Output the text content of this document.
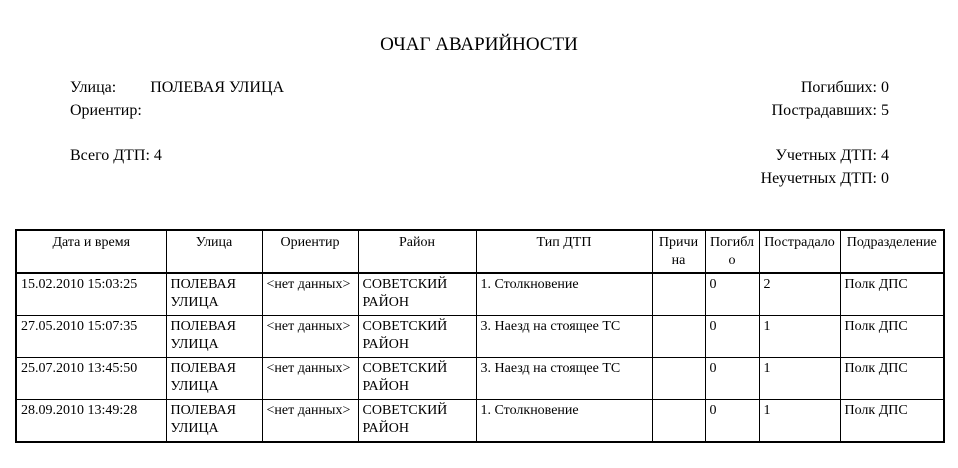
ОЧАГ АВАРИЙНОСТИ
Улица: ПОЛЕВАЯ УЛИЦА
Ориентир:
Всего ДТП: 4
Погибших: 0
Пострадавших: 5
Учетных ДТП: 4
Неучетных ДТП: 0
Дата и время	Улица	Ориентир	Район	Тип ДТП	Причи на	Погибл о	Пострадало	Подразделение
15.02.2010 15:03:25	ПОЛЕВАЯ УЛИЦА	<нет данных>	СОВЕТСКИЙ РАЙОН	1. Столкновение		0	2	Полк ДПС
27.05.2010 15:07:35	ПОЛЕВАЯ УЛИЦА	<нет данных>	СОВЕТСКИЙ РАЙОН	3. Наезд на стоящее ТС		0	1	Полк ДПС
25.07.2010 13:45:50	ПОЛЕВАЯ УЛИЦА	<нет данных>	СОВЕТСКИЙ РАЙОН	3. Наезд на стоящее ТС		0	1	Полк ДПС
28.09.2010 13:49:28	ПОЛЕВАЯ УЛИЦА	<нет данных>	СОВЕТСКИЙ РАЙОН	1. Столкновение		0	1	Полк ДПС
